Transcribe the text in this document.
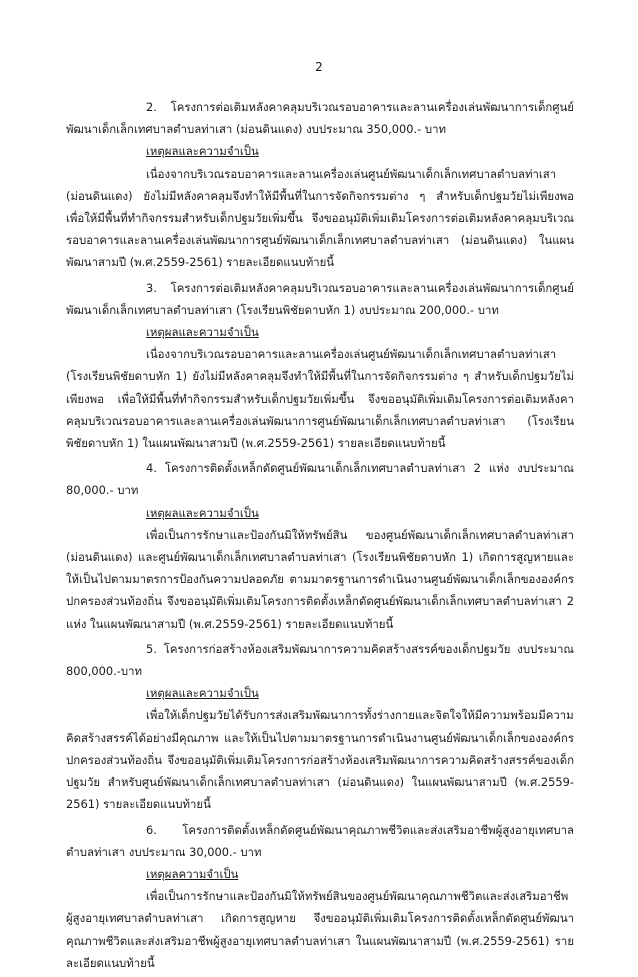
2

2. โครงการต่อเติมหลังคาคลุมบริเวณรอบอาคารและลานเครื่องเล่นพัฒนาการเด็กศูนย์พัฒนาเด็กเล็กเทศบาลตำบลท่าเสา (ม่อนดินแดง) งบประมาณ 350,000.- บาท

เหตุผลและความจำเป็น

เนื่องจากบริเวณรอบอาคารและลานเครื่องเล่นศูนย์พัฒนาเด็กเล็กเทศบาลตำบลท่าเสา (ม่อนดินแดง) ยังไม่มีหลังคาคลุมจึงทำให้มีพื้นที่ในการจัดกิจกรรมต่าง ๆ สำหรับเด็กปฐมวัยไม่เพียงพอ เพื่อให้มีพื้นที่ทำกิจกรรมสำหรับเด็กปฐมวัยเพิ่มขึ้น จึงขออนุมัติเพิ่มเติมโครงการต่อเติมหลังคาคลุมบริเวณรอบอาคารและลานเครื่องเล่นพัฒนาการศูนย์พัฒนาเด็กเล็กเทศบาลตำบลท่าเสา (ม่อนดินแดง) ในแผนพัฒนาสามปี (พ.ศ.2559-2561) รายละเอียดแนบท้ายนี้

3. โครงการต่อเติมหลังคาคลุมบริเวณรอบอาคารและลานเครื่องเล่นพัฒนาการเด็กศูนย์พัฒนาเด็กเล็กเทศบาลตำบลท่าเสา (โรงเรียนพิชัยดาบหัก 1) งบประมาณ 200,000.- บาท

เหตุผลและความจำเป็น

เนื่องจากบริเวณรอบอาคารและลานเครื่องเล่นศูนย์พัฒนาเด็กเล็กเทศบาลตำบลท่าเสา (โรงเรียนพิชัยดาบหัก 1) ยังไม่มีหลังคาคลุมจึงทำให้มีพื้นที่ในการจัดกิจกรรมต่าง ๆ สำหรับเด็กปฐมวัยไม่เพียงพอ เพื่อให้มีพื้นที่ทำกิจกรรมสำหรับเด็กปฐมวัยเพิ่มขึ้น จึงขออนุมัติเพิ่มเติมโครงการต่อเติมหลังคาคลุมบริเวณรอบอาคารและลานเครื่องเล่นพัฒนาการศูนย์พัฒนาเด็กเล็กเทศบาลตำบลท่าเสา (โรงเรียนพิชัยดาบหัก 1) ในแผนพัฒนาสามปี (พ.ศ.2559-2561) รายละเอียดแนบท้ายนี้

4. โครงการติดตั้งเหล็กดัดศูนย์พัฒนาเด็กเล็กเทศบาลตำบลท่าเสา 2 แห่ง งบประมาณ 80,000.- บาท

เหตุผลและความจำเป็น

เพื่อเป็นการรักษาและป้องกันมิให้ทรัพย์สิน ของศูนย์พัฒนาเด็กเล็กเทศบาลตำบลท่าเสา (ม่อนดินแดง) และศูนย์พัฒนาเด็กเล็กเทศบาลตำบลท่าเสา (โรงเรียนพิชัยดาบหัก 1) เกิดการสูญหายและให้เป็นไปตามมาตรการป้องกันความปลอดภัย ตามมาตรฐานการดำเนินงานศูนย์พัฒนาเด็กเล็กขององค์กรปกครองส่วนท้องถิ่น จึงขออนุมัติเพิ่มเติมโครงการติดตั้งเหล็กดัดศูนย์พัฒนาเด็กเล็กเทศบาลตำบลท่าเสา 2 แห่ง ในแผนพัฒนาสามปี (พ.ศ.2559-2561) รายละเอียดแนบท้ายนี้

5. โครงการก่อสร้างห้องเสริมพัฒนาการความคิดสร้างสรรค์ของเด็กปฐมวัย งบประมาณ 800,000.-บาท

เหตุผลและความจำเป็น

เพื่อให้เด็กปฐมวัยได้รับการส่งเสริมพัฒนาการทั้งร่างกายและจิตใจให้มีความพร้อมมีความคิดสร้างสรรค์ได้อย่างมีคุณภาพ และให้เป็นไปตามมาตรฐานการดำเนินงานศูนย์พัฒนาเด็กเล็กขององค์กรปกครองส่วนท้องถิ่น จึงขออนุมัติเพิ่มเติมโครงการก่อสร้างห้องเสริมพัฒนาการความคิดสร้างสรรค์ของเด็กปฐมวัย สำหรับศูนย์พัฒนาเด็กเล็กเทศบาลตำบลท่าเสา (ม่อนดินแดง) ในแผนพัฒนาสามปี (พ.ศ.2559-2561) รายละเอียดแนบท้ายนี้

6. โครงการติดตั้งเหล็กดัดศูนย์พัฒนาคุณภาพชีวิตและส่งเสริมอาชีพผู้สูงอายุเทศบาลตำบลท่าเสา งบประมาณ 30,000.- บาท

เหตุผลความจำเป็น

เพื่อเป็นการรักษาและป้องกันมิให้ทรัพย์สินของศูนย์พัฒนาคุณภาพชีวิตและส่งเสริมอาชีพผู้สูงอายุเทศบาลตำบลท่าเสา เกิดการสูญหาย จึงขออนุมัติเพิ่มเติมโครงการติดตั้งเหล็กดัดศูนย์พัฒนาคุณภาพชีวิตและส่งเสริมอาชีพผู้สูงอายุเทศบาลตำบลท่าเสา ในแผนพัฒนาสามปี (พ.ศ.2559-2561) รายละเอียดแนบท้ายนี้
